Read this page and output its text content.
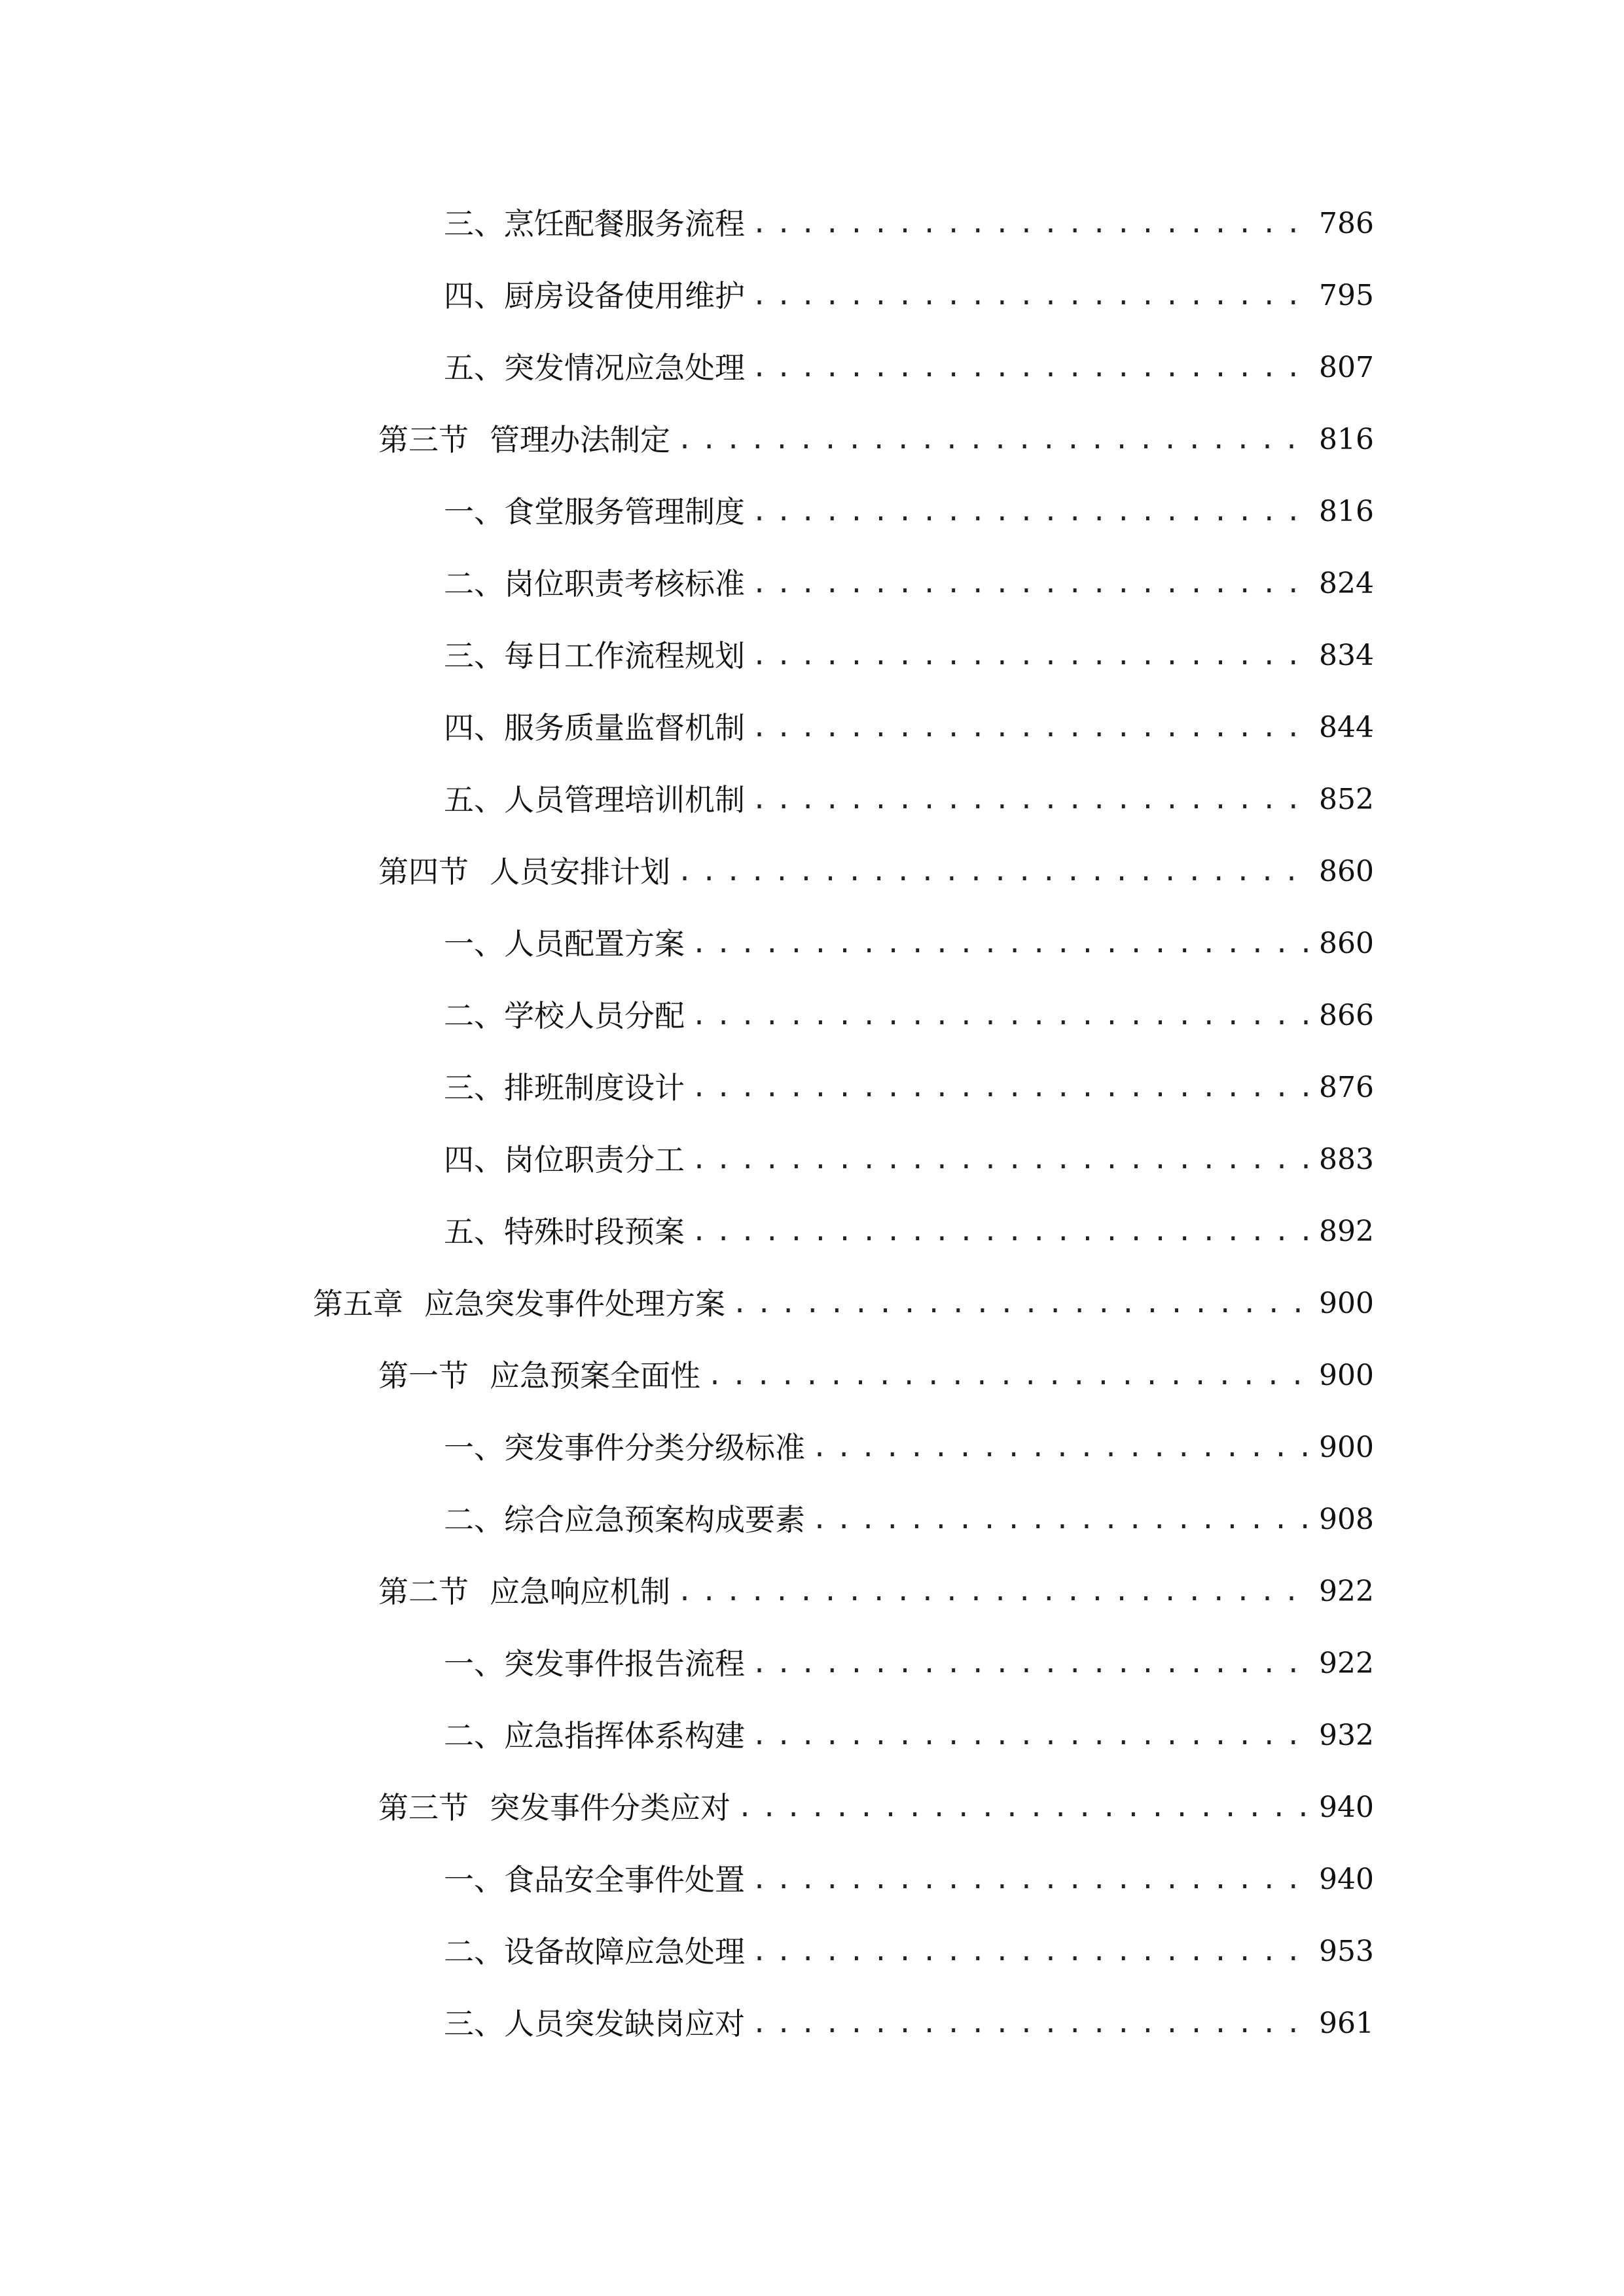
三、 烹饪配餐服务流程 .....	786
四、 厨房设备使用维护 .....	795
五、 突发情况应急处理 .....	807
第三节 管理办法制定 .....	816
一、 食堂服务管理制度 .....	816
二、 岗位职责考核标准 .....	824
三、 每日工作流程规划 .....	834
四、 服务质量监督机制 .....	844
五、 人员管理培训机制 .....	852
第四节 人员安排计划 .....	860
一、 人员配置方案 .....	860
二、 学校人员分配 .....	866
三、 排班制度设计 .....	876
四、 岗位职责分工 .....	883
五、 特殊时段预案 .....	892
第五章 应急突发事件处理方案 .....	900
第一节 应急预案全面性 .....	900
一、 突发事件分类分级标准 .....	900
二、 综合应急预案构成要素 .....	908
第二节 应急响应机制 .....	922
一、 突发事件报告流程 .....	922
二、 应急指挥体系构建 .....	932
第三节 突发事件分类应对 .....	940
一、 食品安全事件处置 .....	940
二、 设备故障应急处理 .....	953
三、 人员突发缺岗应对 .....	961
